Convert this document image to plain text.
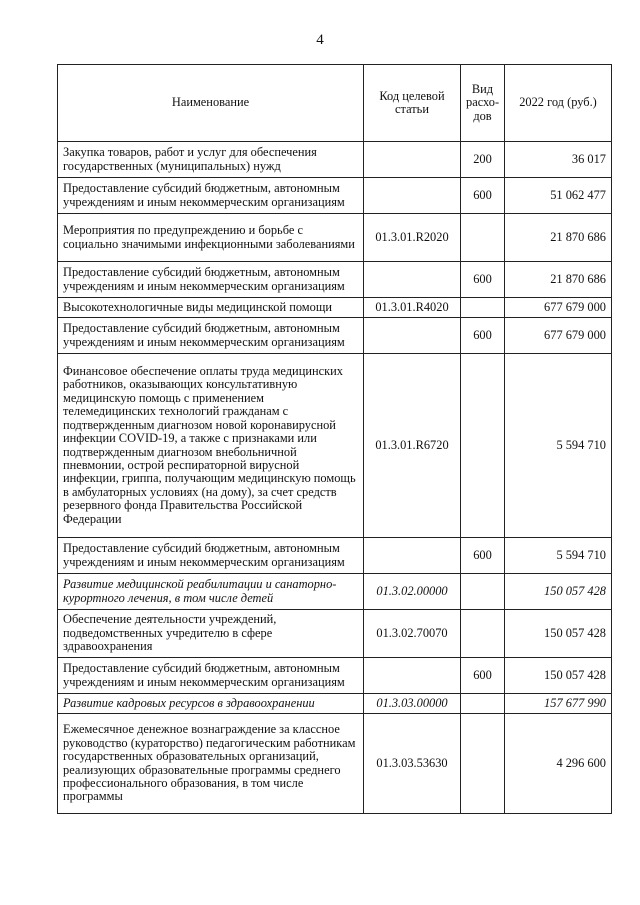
4
Наименование	Код целевой статьи	Вид расхо-дов	2022 год (руб.)
Закупка товаров, работ и услуг для обеспечения государственных (муниципальных) нужд		200	36 017
Предоставление субсидий бюджетным, автономным учреждениям и иным некоммерческим организациям		600	51 062 477
Мероприятия по предупреждению и борьбе с социально значимыми инфекционными заболеваниями	01.3.01.R2020		21 870 686
Предоставление субсидий бюджетным, автономным учреждениям и иным некоммерческим организациям		600	21 870 686
Высокотехнологичные виды медицинской помощи	01.3.01.R4020		677 679 000
Предоставление субсидий бюджетным, автономным учреждениям и иным некоммерческим организациям		600	677 679 000
Финансовое обеспечение оплаты труда медицинских работников, оказывающих консультативную медицинскую помощь с применением телемедицинских технологий гражданам с подтвержденным диагнозом новой коронавирусной инфекции COVID-19, а также с признаками или подтвержденным диагнозом внебольничной пневмонии, острой респираторной вирусной инфекции, гриппа, получающим медицинскую помощь в амбулаторных условиях (на дому), за счет средств резервного фонда Правительства Российской Федерации	01.3.01.R6720		5 594 710
Предоставление субсидий бюджетным, автономным учреждениям и иным некоммерческим организациям		600	5 594 710
Развитие медицинской реабилитации и санаторно-курортного лечения, в том числе детей	01.3.02.00000		150 057 428
Обеспечение деятельности учреждений, подведомственных учредителю в сфере здравоохранения	01.3.02.70070		150 057 428
Предоставление субсидий бюджетным, автономным учреждениям и иным некоммерческим организациям		600	150 057 428
Развитие кадровых ресурсов в здравоохранении	01.3.03.00000		157 677 990
Ежемесячное денежное вознаграждение за классное руководство (кураторство) педагогическим работникам государственных образовательных организаций, реализующих образовательные программы среднего профессионального образования, в том числе программы	01.3.03.53630		4 296 600
